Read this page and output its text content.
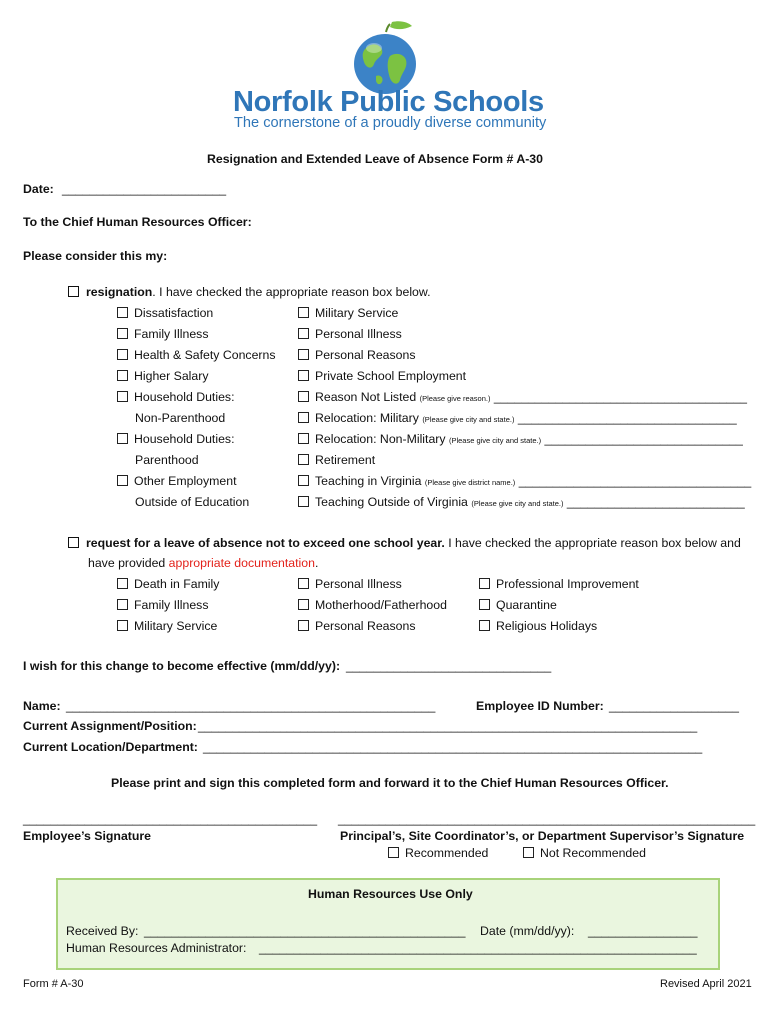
Norfolk Public Schools
The cornerstone of a proudly diverse community
Resignation and Extended Leave of Absence Form # A-30
Date: ________________________
To the Chief Human Resources Officer:
Please consider this my:
resignation. I have checked the appropriate reason box below.
request for a leave of absence not to exceed one school year. I have checked the appropriate reason box below and
have provided appropriate documentation.
I wish for this change to become effective (mm/dd/yy): ______________________________
Name: ______________________________________________________	Employee ID Number: ___________________
Current Assignment/Position: _________________________________________________________________________
Current Location/Department: _________________________________________________________________________
Please print and sign this completed form and forward it to the Chief Human Resources Officer.
___________________________________________ _____________________________________________________________
Employee’s Signature	Principal’s, Site Coordinator’s, or Department Supervisor’s Signature
Recommended	Not Recommended
Human Resources Use Only
Received By: _______________________________________________ Date (mm/dd/yy): ________________
Human Resources Administrator: ________________________________________________________________
Form # A-30	Revised April 2021
Dissatisfaction
Family Illness
Health & Safety Concerns
Higher Salary
Household Duties:
Non-Parenthood
Household Duties:
Parenthood
Other Employment
Outside of Education
Military Service
Personal Illness
Personal Reasons
Private School Employment
Reason Not Listed (Please give reason.) _____________________________________
Relocation: Military (Please give city and state.) ________________________________
Relocation: Non-Military (Please give city and state.) _____________________________
Retirement
Teaching in Virginia (Please give district name.) __________________________________
Teaching Outside of Virginia (Please give city and state.) __________________________
Death in Family
Family Illness
Military Service
Personal Illness
Motherhood/Fatherhood
Personal Reasons
Professional Improvement
Quarantine
Religious Holidays
